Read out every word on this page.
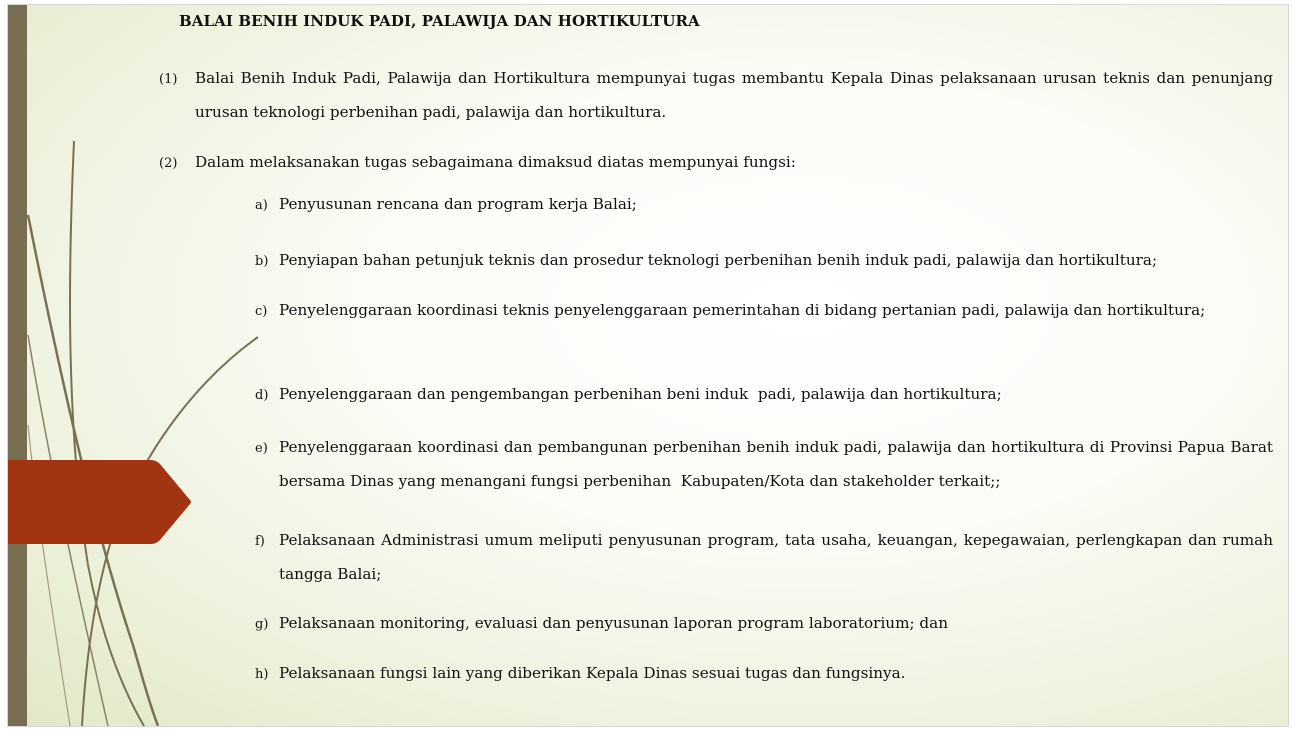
BALAI BENIH INDUK PADI, PALAWIJA DAN HORTIKULTURA
(1) Balai Benih Induk Padi, Palawija dan Hortikultura mempunyai tugas membantu Kepala Dinas pelaksanaan urusan teknis dan penunjang urusan teknologi perbenihan padi, palawija dan hortikultura.
(2) Dalam melaksanakan tugas sebagaimana dimaksud diatas mempunyai fungsi:
a) Penyusunan rencana dan program kerja Balai;
b) Penyiapan bahan petunjuk teknis dan prosedur teknologi perbenihan benih induk padi, palawija dan hortikultura;
c) Penyelenggaraan koordinasi teknis penyelenggaraan pemerintahan di bidang pertanian padi, palawija dan hortikultura;
d) Penyelenggaraan dan pengembangan perbenihan beni induk  padi, palawija dan hortikultura;
e) Penyelenggaraan koordinasi dan pembangunan perbenihan benih induk padi, palawija dan hortikultura di Provinsi Papua Barat bersama Dinas yang menangani fungsi perbenihan  Kabupaten/Kota dan stakeholder terkait;;
f) Pelaksanaan Administrasi umum meliputi penyusunan program, tata usaha, keuangan, kepegawaian, perlengkapan dan rumah tangga Balai;
g) Pelaksanaan monitoring, evaluasi dan penyusunan laporan program laboratorium; dan
h) Pelaksanaan fungsi lain yang diberikan Kepala Dinas sesuai tugas dan fungsinya.
